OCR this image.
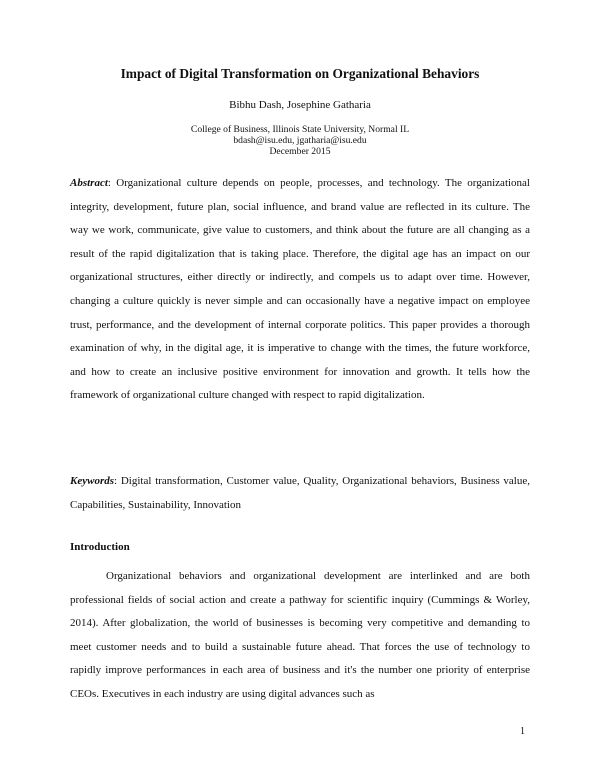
Impact of Digital Transformation on Organizational Behaviors
Bibhu Dash, Josephine Gatharia
College of Business, Illinois State University, Normal IL
bdash@isu.edu, jgatharia@isu.edu
December 2015

Abstract: Organizational culture depends on people, processes, and technology. The organizational integrity, development, future plan, social influence, and brand value are reflected in its culture. The way we work, communicate, give value to customers, and think about the future are all changing as a result of the rapid digitalization that is taking place. Therefore, the digital age has an impact on our organizational structures, either directly or indirectly, and compels us to adapt over time. However, changing a culture quickly is never simple and can occasionally have a negative impact on employee trust, performance, and the development of internal corporate politics. This paper provides a thorough examination of why, in the digital age, it is imperative to change with the times, the future workforce, and how to create an inclusive positive environment for innovation and growth. It tells how the framework of organizational culture changed with respect to rapid digitalization.

Keywords: Digital transformation, Customer value, Quality, Organizational behaviors, Business value, Capabilities, Sustainability, Innovation

Introduction

Organizational behaviors and organizational development are interlinked and are both professional fields of social action and create a pathway for scientific inquiry (Cummings & Worley, 2014). After globalization, the world of businesses is becoming very competitive and demanding to meet customer needs and to build a sustainable future ahead. That forces the use of technology to rapidly improve performances in each area of business and it's the number one priority of enterprise CEOs. Executives in each industry are using digital advances such as

1
